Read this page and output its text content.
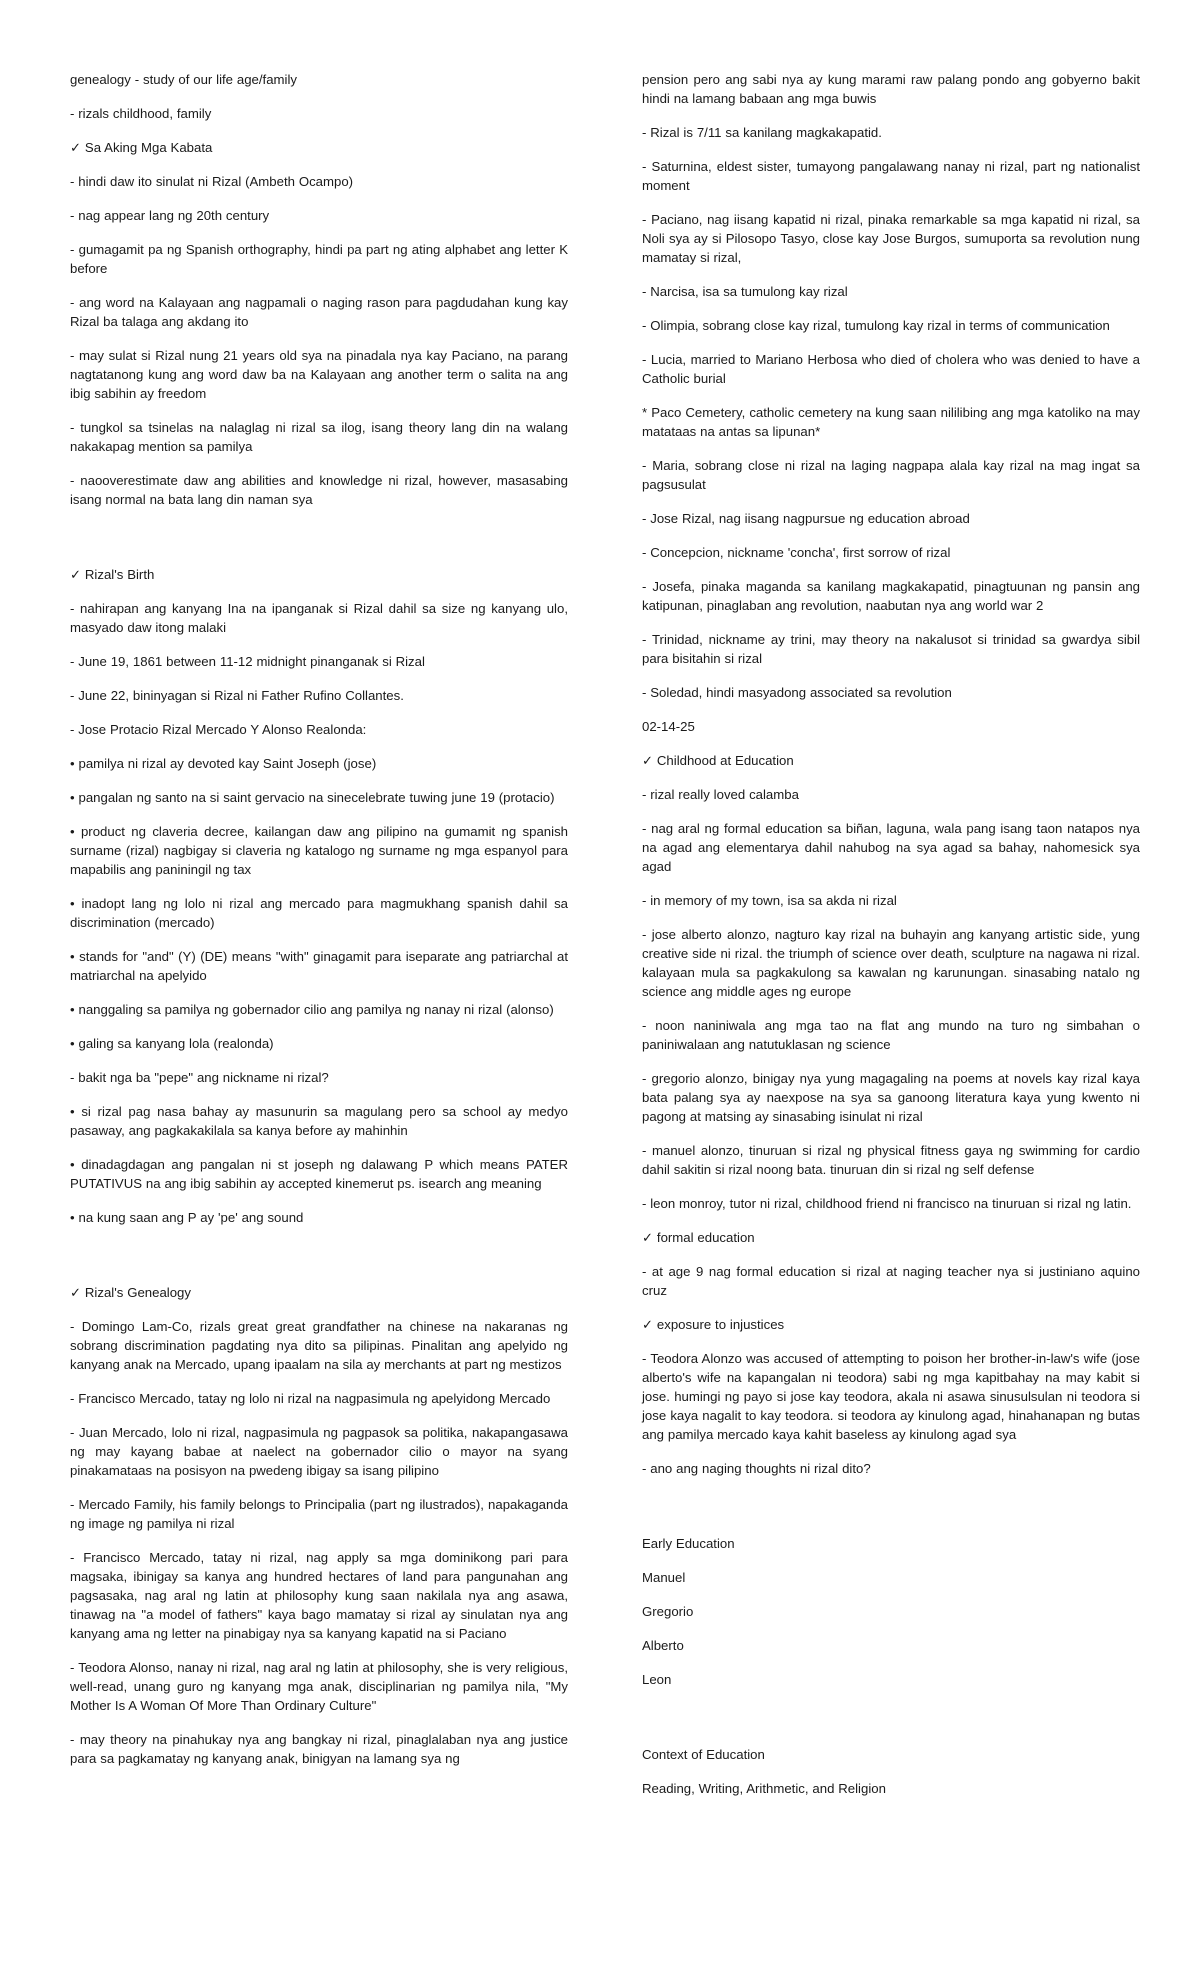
genealogy - study of our life age/family

- rizals childhood, family

✓ Sa Aking Mga Kabata

- hindi daw ito sinulat ni Rizal (Ambeth Ocampo)

- nag appear lang ng 20th century

- gumagamit pa ng Spanish orthography, hindi pa part ng ating alphabet ang letter K before

- ang word na Kalayaan ang nagpamali o naging rason para pagdudahan kung kay Rizal ba talaga ang akdang ito

- may sulat si Rizal nung 21 years old sya na pinadala nya kay Paciano, na parang nagtatanong kung ang word daw ba na Kalayaan ang another term o salita na ang ibig sabihin ay freedom

- tungkol sa tsinelas na nalaglag ni rizal sa ilog, isang theory lang din na walang nakakapag mention sa pamilya

- naooverestimate daw ang abilities and knowledge ni rizal, however, masasabing isang normal na bata lang din naman sya

✓ Rizal's Birth

- nahirapan ang kanyang Ina na ipanganak si Rizal dahil sa size ng kanyang ulo, masyado daw itong malaki

- June 19, 1861 between 11-12 midnight pinanganak si Rizal

- June 22, bininyagan si Rizal ni Father Rufino Collantes.

- Jose Protacio Rizal Mercado Y Alonso Realonda:

• pamilya ni rizal ay devoted kay Saint Joseph (jose)

• pangalan ng santo na si saint gervacio na sinecelebrate tuwing june 19 (protacio)

• product ng claveria decree, kailangan daw ang pilipino na gumamit ng spanish surname (rizal) nagbigay si claveria ng katalogo ng surname ng mga espanyol para mapabilis ang paniningil ng tax

• inadopt lang ng lolo ni rizal ang mercado para magmukhang spanish dahil sa discrimination (mercado)

• stands for "and" (Y) (DE) means "with" ginagamit para iseparate ang patriarchal at matriarchal na apelyido

• nanggaling sa pamilya ng gobernador cilio ang pamilya ng nanay ni rizal (alonso)

• galing sa kanyang lola (realonda)

- bakit nga ba "pepe" ang nickname ni rizal?

• si rizal pag nasa bahay ay masunurin sa magulang pero sa school ay medyo pasaway, ang pagkakakilala sa kanya before ay mahinhin

• dinadagdagan ang pangalan ni st joseph ng dalawang P which means PATER PUTATIVUS na ang ibig sabihin ay accepted kinemerut ps. isearch ang meaning

• na kung saan ang P ay 'pe' ang sound

✓ Rizal's Genealogy

- Domingo Lam-Co, rizals great great grandfather na chinese na nakaranas ng sobrang discrimination pagdating nya dito sa pilipinas. Pinalitan ang apelyido ng kanyang anak na Mercado, upang ipaalam na sila ay merchants at part ng mestizos

- Francisco Mercado, tatay ng lolo ni rizal na nagpasimula ng apelyidong Mercado

- Juan Mercado, lolo ni rizal, nagpasimula ng pagpasok sa politika, nakapangasawa ng may kayang babae at naelect na gobernador cilio o mayor na syang pinakamataas na posisyon na pwedeng ibigay sa isang pilipino

- Mercado Family, his family belongs to Principalia (part ng ilustrados), napakaganda ng image ng pamilya ni rizal

- Francisco Mercado, tatay ni rizal, nag apply sa mga dominikong pari para magsaka, ibinigay sa kanya ang hundred hectares of land para pangunahan ang pagsasaka, nag aral ng latin at philosophy kung saan nakilala nya ang asawa, tinawag na "a model of fathers" kaya bago mamatay si rizal ay sinulatan nya ang kanyang ama ng letter na pinabigay nya sa kanyang kapatid na si Paciano

- Teodora Alonso, nanay ni rizal, nag aral ng latin at philosophy, she is very religious, well-read, unang guro ng kanyang mga anak, disciplinarian ng pamilya nila, "My Mother Is A Woman Of More Than Ordinary Culture"

- may theory na pinahukay nya ang bangkay ni rizal, pinaglalaban nya ang justice para sa pagkamatay ng kanyang anak, binigyan na lamang sya ng

pension pero ang sabi nya ay kung marami raw palang pondo ang gobyerno bakit hindi na lamang babaan ang mga buwis

- Rizal is 7/11 sa kanilang magkakapatid.

- Saturnina, eldest sister, tumayong pangalawang nanay ni rizal, part ng nationalist moment

- Paciano, nag iisang kapatid ni rizal, pinaka remarkable sa mga kapatid ni rizal, sa Noli sya ay si Pilosopo Tasyo, close kay Jose Burgos, sumuporta sa revolution nung mamatay si rizal,

- Narcisa, isa sa tumulong kay rizal

- Olimpia, sobrang close kay rizal, tumulong kay rizal in terms of communication

- Lucia, married to Mariano Herbosa who died of cholera who was denied to have a Catholic burial

* Paco Cemetery, catholic cemetery na kung saan nililibing ang mga katoliko na may matataas na antas sa lipunan*

- Maria, sobrang close ni rizal na laging nagpapa alala kay rizal na mag ingat sa pagsusulat

- Jose Rizal, nag iisang nagpursue ng education abroad

- Concepcion, nickname 'concha', first sorrow of rizal

- Josefa, pinaka maganda sa kanilang magkakapatid, pinagtuunan ng pansin ang katipunan, pinaglaban ang revolution, naabutan nya ang world war 2

- Trinidad, nickname ay trini, may theory na nakalusot si trinidad sa gwardya sibil para bisitahin si rizal

- Soledad, hindi masyadong associated sa revolution

02-14-25

✓ Childhood at Education

- rizal really loved calamba

- nag aral ng formal education sa biñan, laguna, wala pang isang taon natapos nya na agad ang elementarya dahil nahubog na sya agad sa bahay, nahomesick sya agad

- in memory of my town, isa sa akda ni rizal

- jose alberto alonzo, nagturo kay rizal na buhayin ang kanyang artistic side, yung creative side ni rizal. the triumph of science over death, sculpture na nagawa ni rizal. kalayaan mula sa pagkakulong sa kawalan ng karunungan. sinasabing natalo ng science ang middle ages ng europe

- noon naniniwala ang mga tao na flat ang mundo na turo ng simbahan o paniniwalaan ang natutuklasan ng science

- gregorio alonzo, binigay nya yung magagaling na poems at novels kay rizal kaya bata palang sya ay naexpose na sya sa ganoong literatura kaya yung kwento ni pagong at matsing ay sinasabing isinulat ni rizal

- manuel alonzo, tinuruan si rizal ng physical fitness gaya ng swimming for cardio dahil sakitin si rizal noong bata. tinuruan din si rizal ng self defense

- leon monroy, tutor ni rizal, childhood friend ni francisco na tinuruan si rizal ng latin.

✓ formal education

- at age 9 nag formal education si rizal at naging teacher nya si justiniano aquino cruz

✓ exposure to injustices

- Teodora Alonzo was accused of attempting to poison her brother-in-law's wife (jose alberto's wife na kapangalan ni teodora) sabi ng mga kapitbahay na may kabit si jose. humingi ng payo si jose kay teodora, akala ni asawa sinusulsulan ni teodora si jose kaya nagalit to kay teodora. si teodora ay kinulong agad, hinahanapan ng butas ang pamilya mercado kaya kahit baseless ay kinulong agad sya

- ano ang naging thoughts ni rizal dito?

Early Education

Manuel

Gregorio

Alberto

Leon

Context of Education

Reading, Writing, Arithmetic, and Religion
